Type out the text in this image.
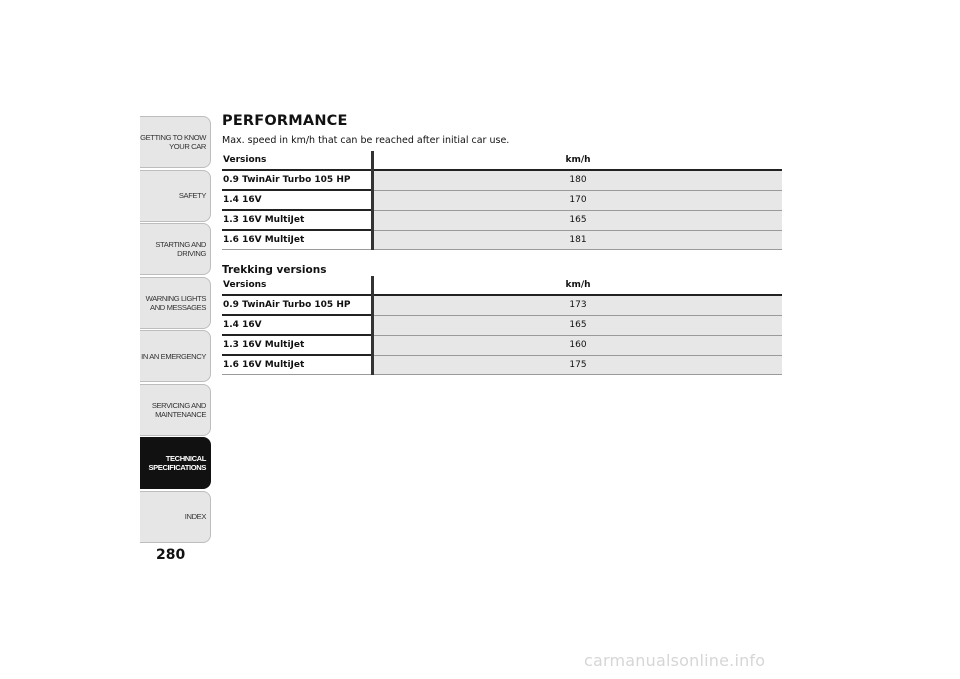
GETTING TO KNOW
YOUR CAR
SAFETY
STARTING AND
DRIVING
WARNING LIGHTS
AND MESSAGES
IN AN EMERGENCY
SERVICING AND
MAINTENANCE
TECHNICAL
SPECIFICATIONS
INDEX
280
PERFORMANCE
Max. speed in km/h that can be reached after initial car use.
Versions	km/h
0.9 TwinAir Turbo 105 HP	180
1.4 16V	170
1.3 16V MultiJet	165
1.6 16V MultiJet	181
Trekking versions
Versions	km/h
0.9 TwinAir Turbo 105 HP	173
1.4 16V	165
1.3 16V MultiJet	160
1.6 16V MultiJet	175
carmanualsonline.info
